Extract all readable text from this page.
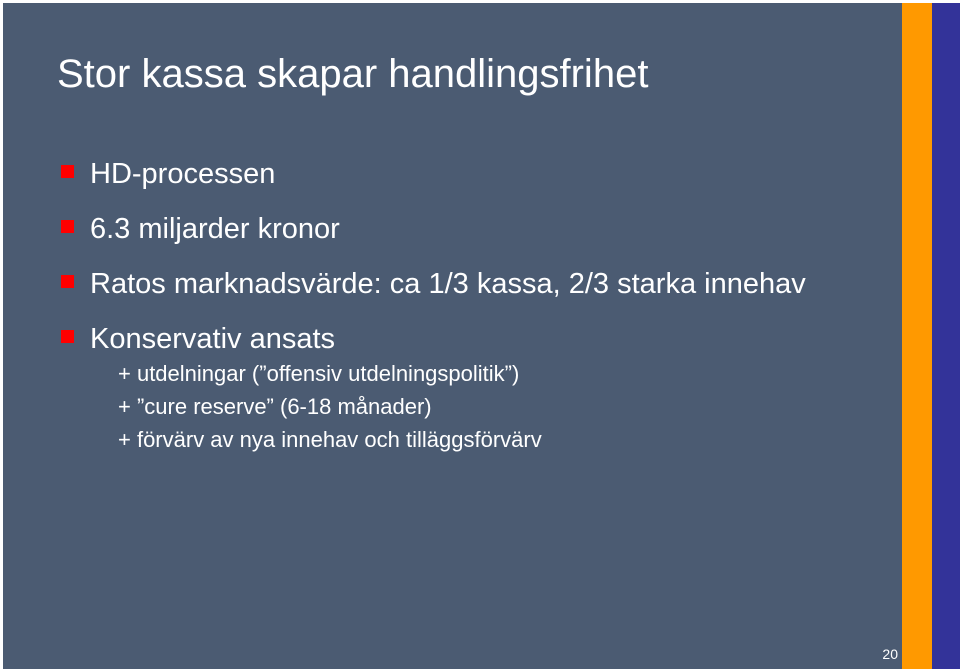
Stor kassa skapar handlingsfrihet
HD-processen
6.3 miljarder kronor
Ratos marknadsvärde: ca 1/3 kassa, 2/3 starka innehav
Konservativ ansats
+ utdelningar (”offensiv utdelningspolitik”)
+ ”cure reserve” (6-18 månader)
+ förvärv av nya innehav och tilläggsförvärv
20
